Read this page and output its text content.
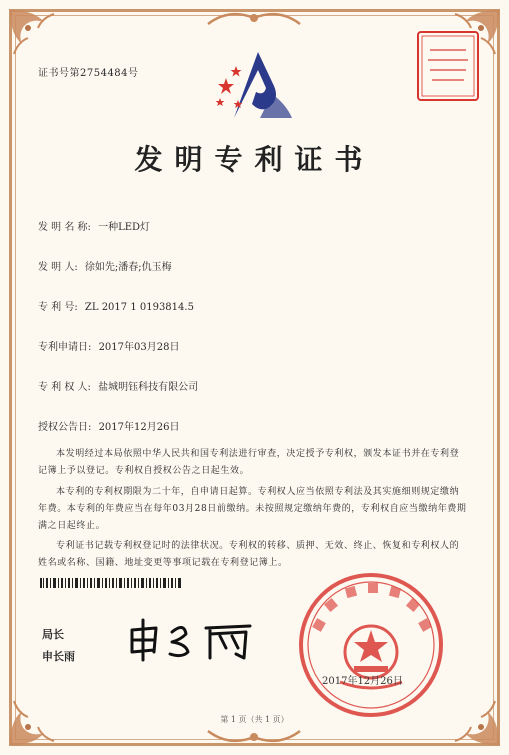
证书号第2754484号
发明专利证书
发 明 名 称: 一种LED灯
发 明 人: 徐如先;潘春;仇玉梅
专 利 号: ZL 2017 1 0193814.5
专利申请日: 2017年03月28日
专 利 权 人: 盐城明钰科技有限公司
授权公告日: 2017年12月26日

本发明经过本局依照中华人民共和国专利法进行审查，决定授予专利权，颁发本证书并在专利登记簿上予以登记。专利权自授权公告之日起生效。

本专利的专利权期限为二十年，自申请日起算。专利权人应当依照专利法及其实施细则规定缴纳年费。本专利的年费应当在每年03月28日前缴纳。未按照规定缴纳年费的，专利权自应当缴纳年费期满之日起终止。

专利证书记载专利权登记时的法律状况。专利权的转移、质押、无效、终止、恢复和专利权人的姓名或名称、国籍、地址变更等事项记载在专利登记簿上。

局长
申长雨
2017年12月26日
第 1 页（共 1 页）
